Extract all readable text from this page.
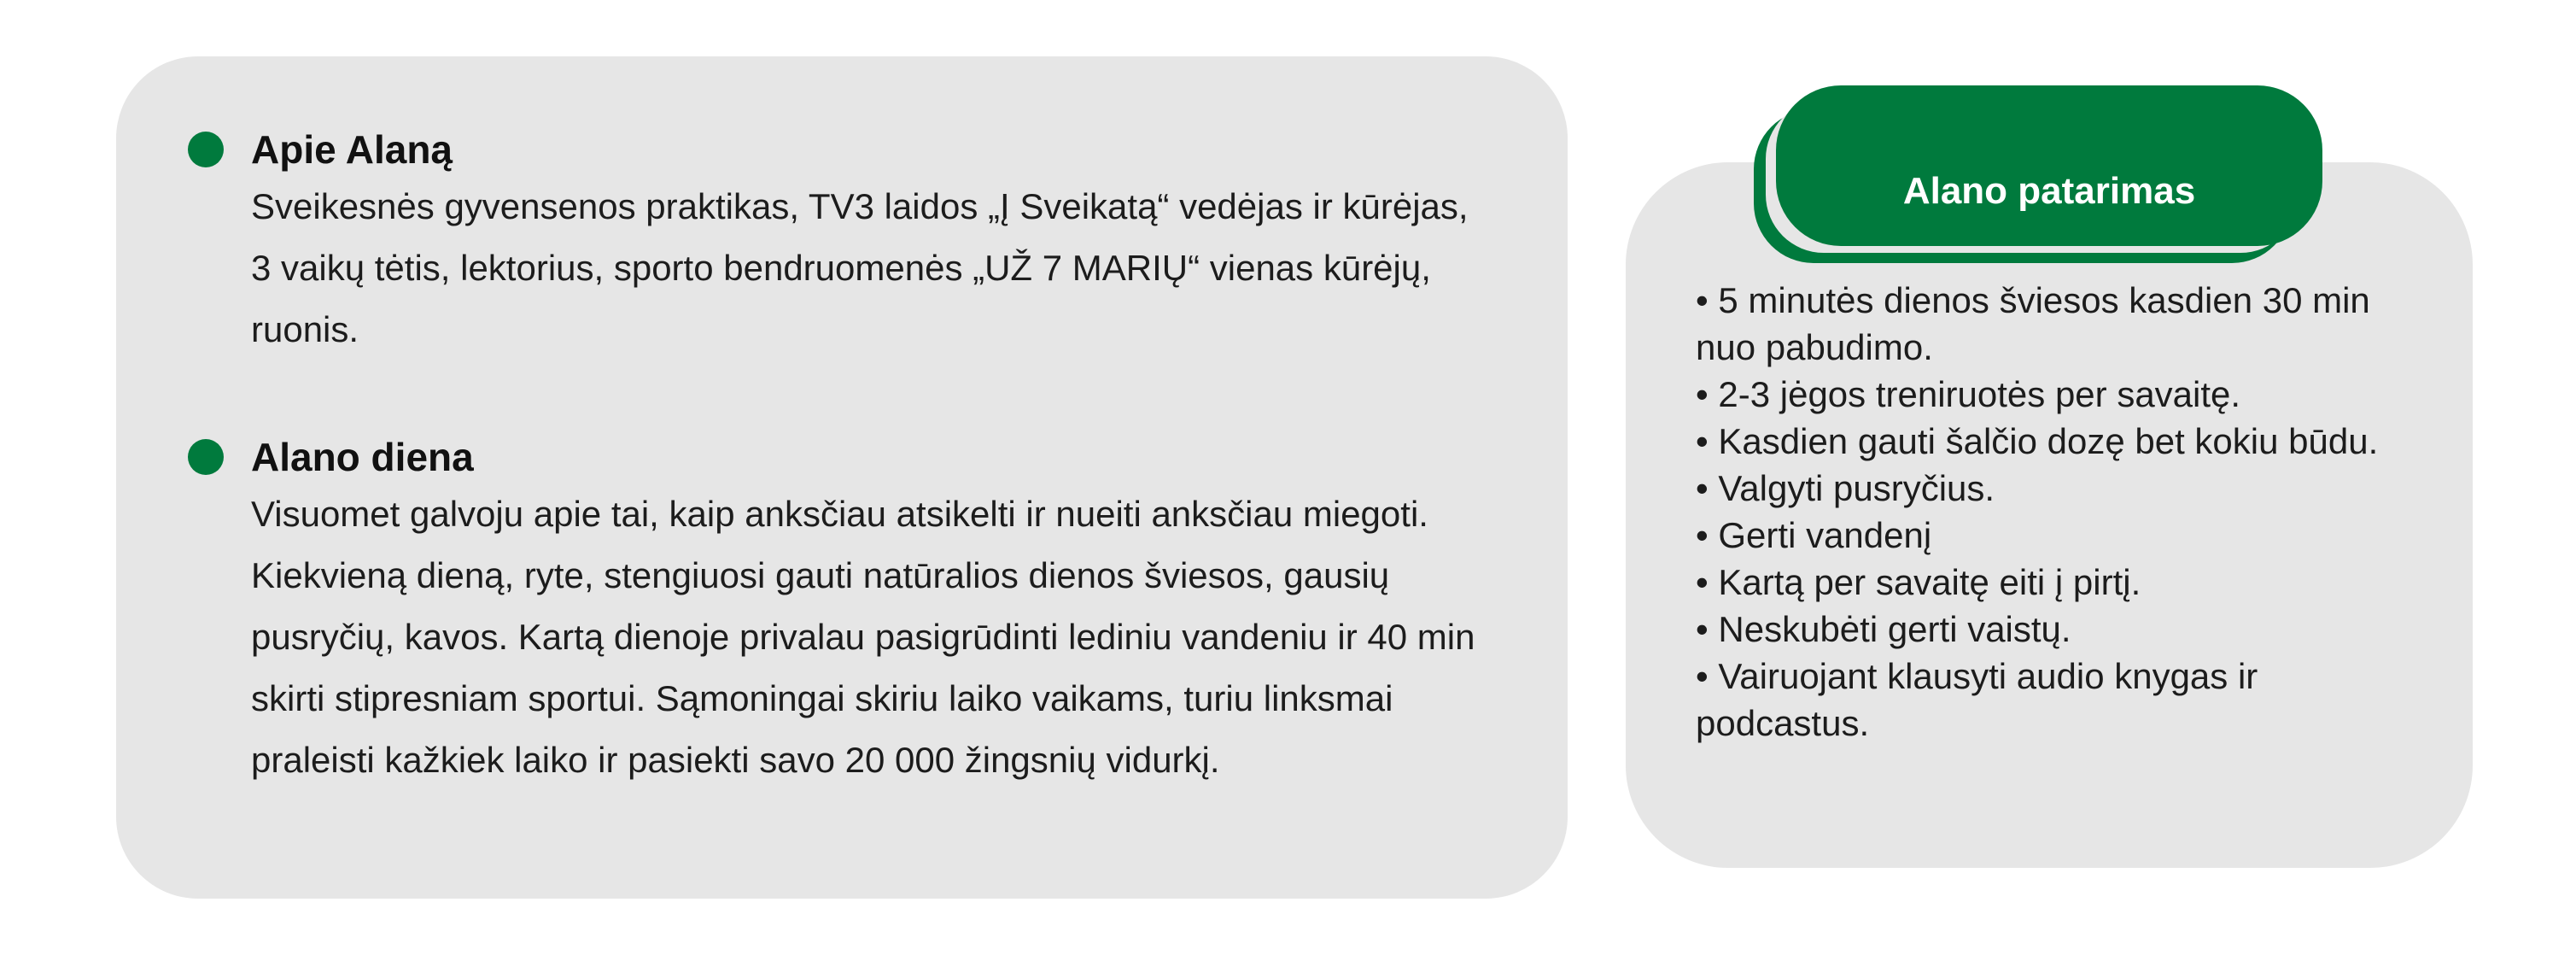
Apie Alaną

Sveikesnės gyvensenos praktikas, TV3 laidos „Į Sveikatą“ vedėjas ir kūrėjas, 3 vaikų tėtis, lektorius, sporto bendruomenės „UŽ 7 MARIŲ“ vienas kūrėjų, ruonis.

Alano diena

Visuomet galvoju apie tai, kaip anksčiau atsikelti ir nueiti anksčiau miegoti. Kiekvieną dieną, ryte, stengiuosi gauti natūralios dienos šviesos, gausių pusryčių, kavos. Kartą dienoje privalau pasigrūdinti lediniu vandeniu ir 40 min skirti stipresniam sportui. Sąmoningai skiriu laiko vaikams, turiu linksmai praleisti kažkiek laiko ir pasiekti savo 20 000 žingsnių vidurkį.

• 5 minutės dienos šviesos kasdien 30 min nuo pabudimo.
• 2-3 jėgos treniruotės per savaitę.
• Kasdien gauti šalčio dozę bet kokiu būdu.
• Valgyti pusryčius.
• Gerti vandenį
• Kartą per savaitę eiti į pirtį.
• Neskubėti gerti vaistų.
• Vairuojant klausyti audio knygas ir podcastus.
Alano patarimas
